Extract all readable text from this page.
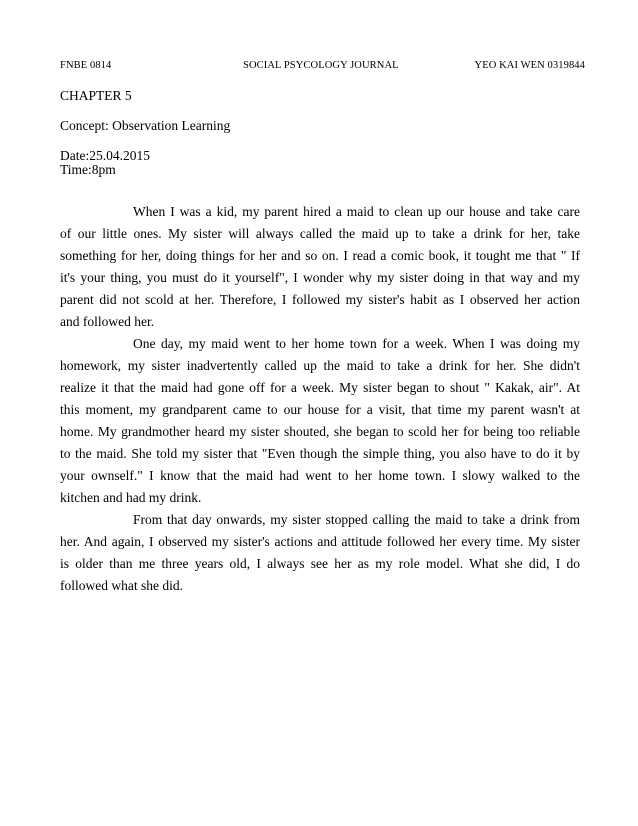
FNBE 0814	SOCIAL PSYCOLOGY JOURNAL	YEO KAI WEN 0319844
CHAPTER 5
Concept: Observation Learning
Date:25.04.2015
Time:8pm
When I was a kid, my parent hired a maid to clean up our house and take care
of our little ones. My sister will always called the maid up to take a drink for her, take
something for her, doing things for her and so on. I read a comic book, it tought me that " If
it's your thing, you must do it yourself", I wonder why my sister doing in that way and my
parent did not scold at her. Therefore, I followed my sister's habit as I observed her action
and followed her.
One day, my maid went to her home town for a week. When I was doing my
homework, my sister inadvertently called up the maid to take a drink for her. She didn't
realize it that the maid had gone off for a week. My sister began to shout " Kakak, air". At
this moment, my grandparent came to our house for a visit, that time my parent wasn't at
home. My grandmother heard my sister shouted, she began to scold her for being too reliable
to the maid. She told my sister that "Even though the simple thing, you also have to do it by
your ownself." I know that the maid had went to her home town. I slowy walked to the
kitchen and had my drink.
From that day onwards, my sister stopped calling the maid to take a drink from
her. And again, I observed my sister's actions and attitude followed her every time. My sister
is older than me three years old, I always see her as my role model. What she did, I do
followed what she did.
